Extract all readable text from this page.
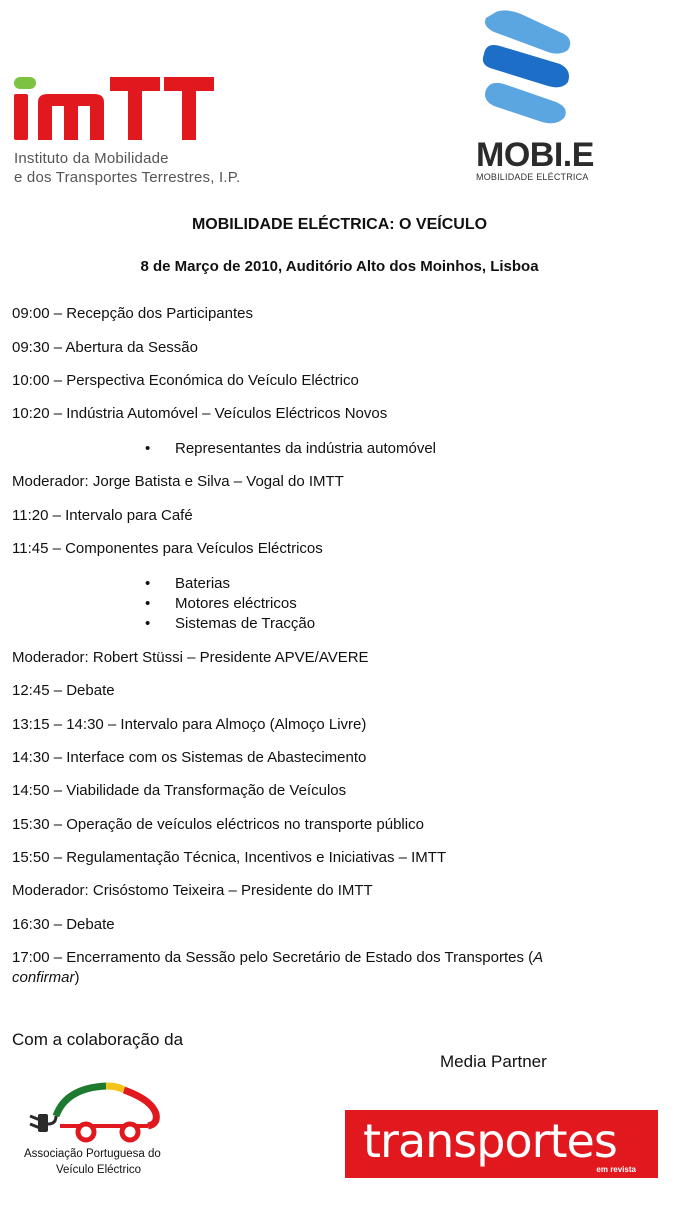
Instituto da Mobilidade
e dos Transportes Terrestres, I.P.
MOBI.E
MOBILIDADE ELÉCTRICA
MOBILIDADE ELÉCTRICA: O VEÍCULO
8 de Março de 2010, Auditório Alto dos Moinhos, Lisboa
09:00 – Recepção dos Participantes
09:30 – Abertura da Sessão
10:00 – Perspectiva Económica do Veículo Eléctrico
10:20 – Indústria Automóvel – Veículos Eléctricos Novos
• Representantes da indústria automóvel
Moderador: Jorge Batista e Silva – Vogal do IMTT
11:20 – Intervalo para Café
11:45 – Componentes para Veículos Eléctricos
• Baterias
• Motores eléctricos
• Sistemas de Tracção
Moderador: Robert Stüssi – Presidente APVE/AVERE
12:45 – Debate
13:15 – 14:30 – Intervalo para Almoço (Almoço Livre)
14:30 – Interface com os Sistemas de Abastecimento
14:50 – Viabilidade da Transformação de Veículos
15:30 – Operação de veículos eléctricos no transporte público
15:50 – Regulamentação Técnica, Incentivos e Iniciativas – IMTT
Moderador: Crisóstomo Teixeira – Presidente do IMTT
16:30 – Debate
17:00 – Encerramento da Sessão pelo Secretário de Estado dos Transportes (A
confirmar)
Com a colaboração da
Media Partner
Associação Portuguesa do
Veículo Eléctrico
transportes
em revista
